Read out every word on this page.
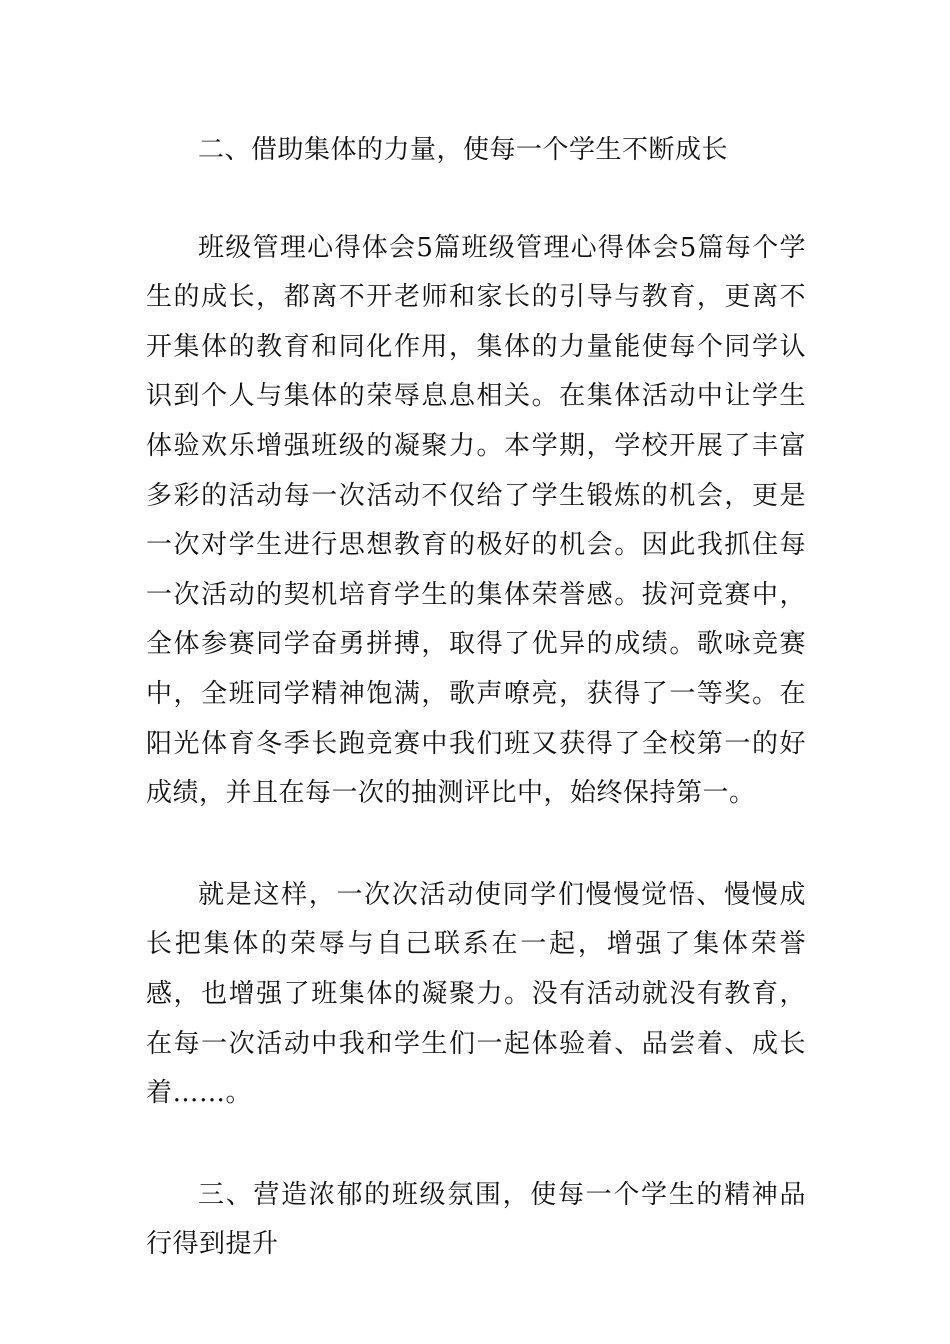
二、借助集体的力量，使每一个学生不断成长

班级管理心得体会5篇班级管理心得体会5篇每个学生的成长，都离不开老师和家长的引导与教育，更离不开集体的教育和同化作用，集体的力量能使每个同学认识到个人与集体的荣辱息息相关。在集体活动中让学生体验欢乐增强班级的凝聚力。本学期，学校开展了丰富多彩的活动每一次活动不仅给了学生锻炼的机会，更是一次对学生进行思想教育的极好的机会。因此我抓住每一次活动的契机培育学生的集体荣誉感。拔河竞赛中，全体参赛同学奋勇拼搏，取得了优异的成绩。歌咏竞赛中，全班同学精神饱满，歌声嘹亮，获得了一等奖。在阳光体育冬季长跑竞赛中我们班又获得了全校第一的好成绩，并且在每一次的抽测评比中，始终保持第一。

就是这样，一次次活动使同学们慢慢觉悟、慢慢成长把集体的荣辱与自己联系在一起，增强了集体荣誉感，也增强了班集体的凝聚力。没有活动就没有教育，在每一次活动中我和学生们一起体验着、品尝着、成长着……。

三、营造浓郁的班级氛围，使每一个学生的精神品行得到提升
